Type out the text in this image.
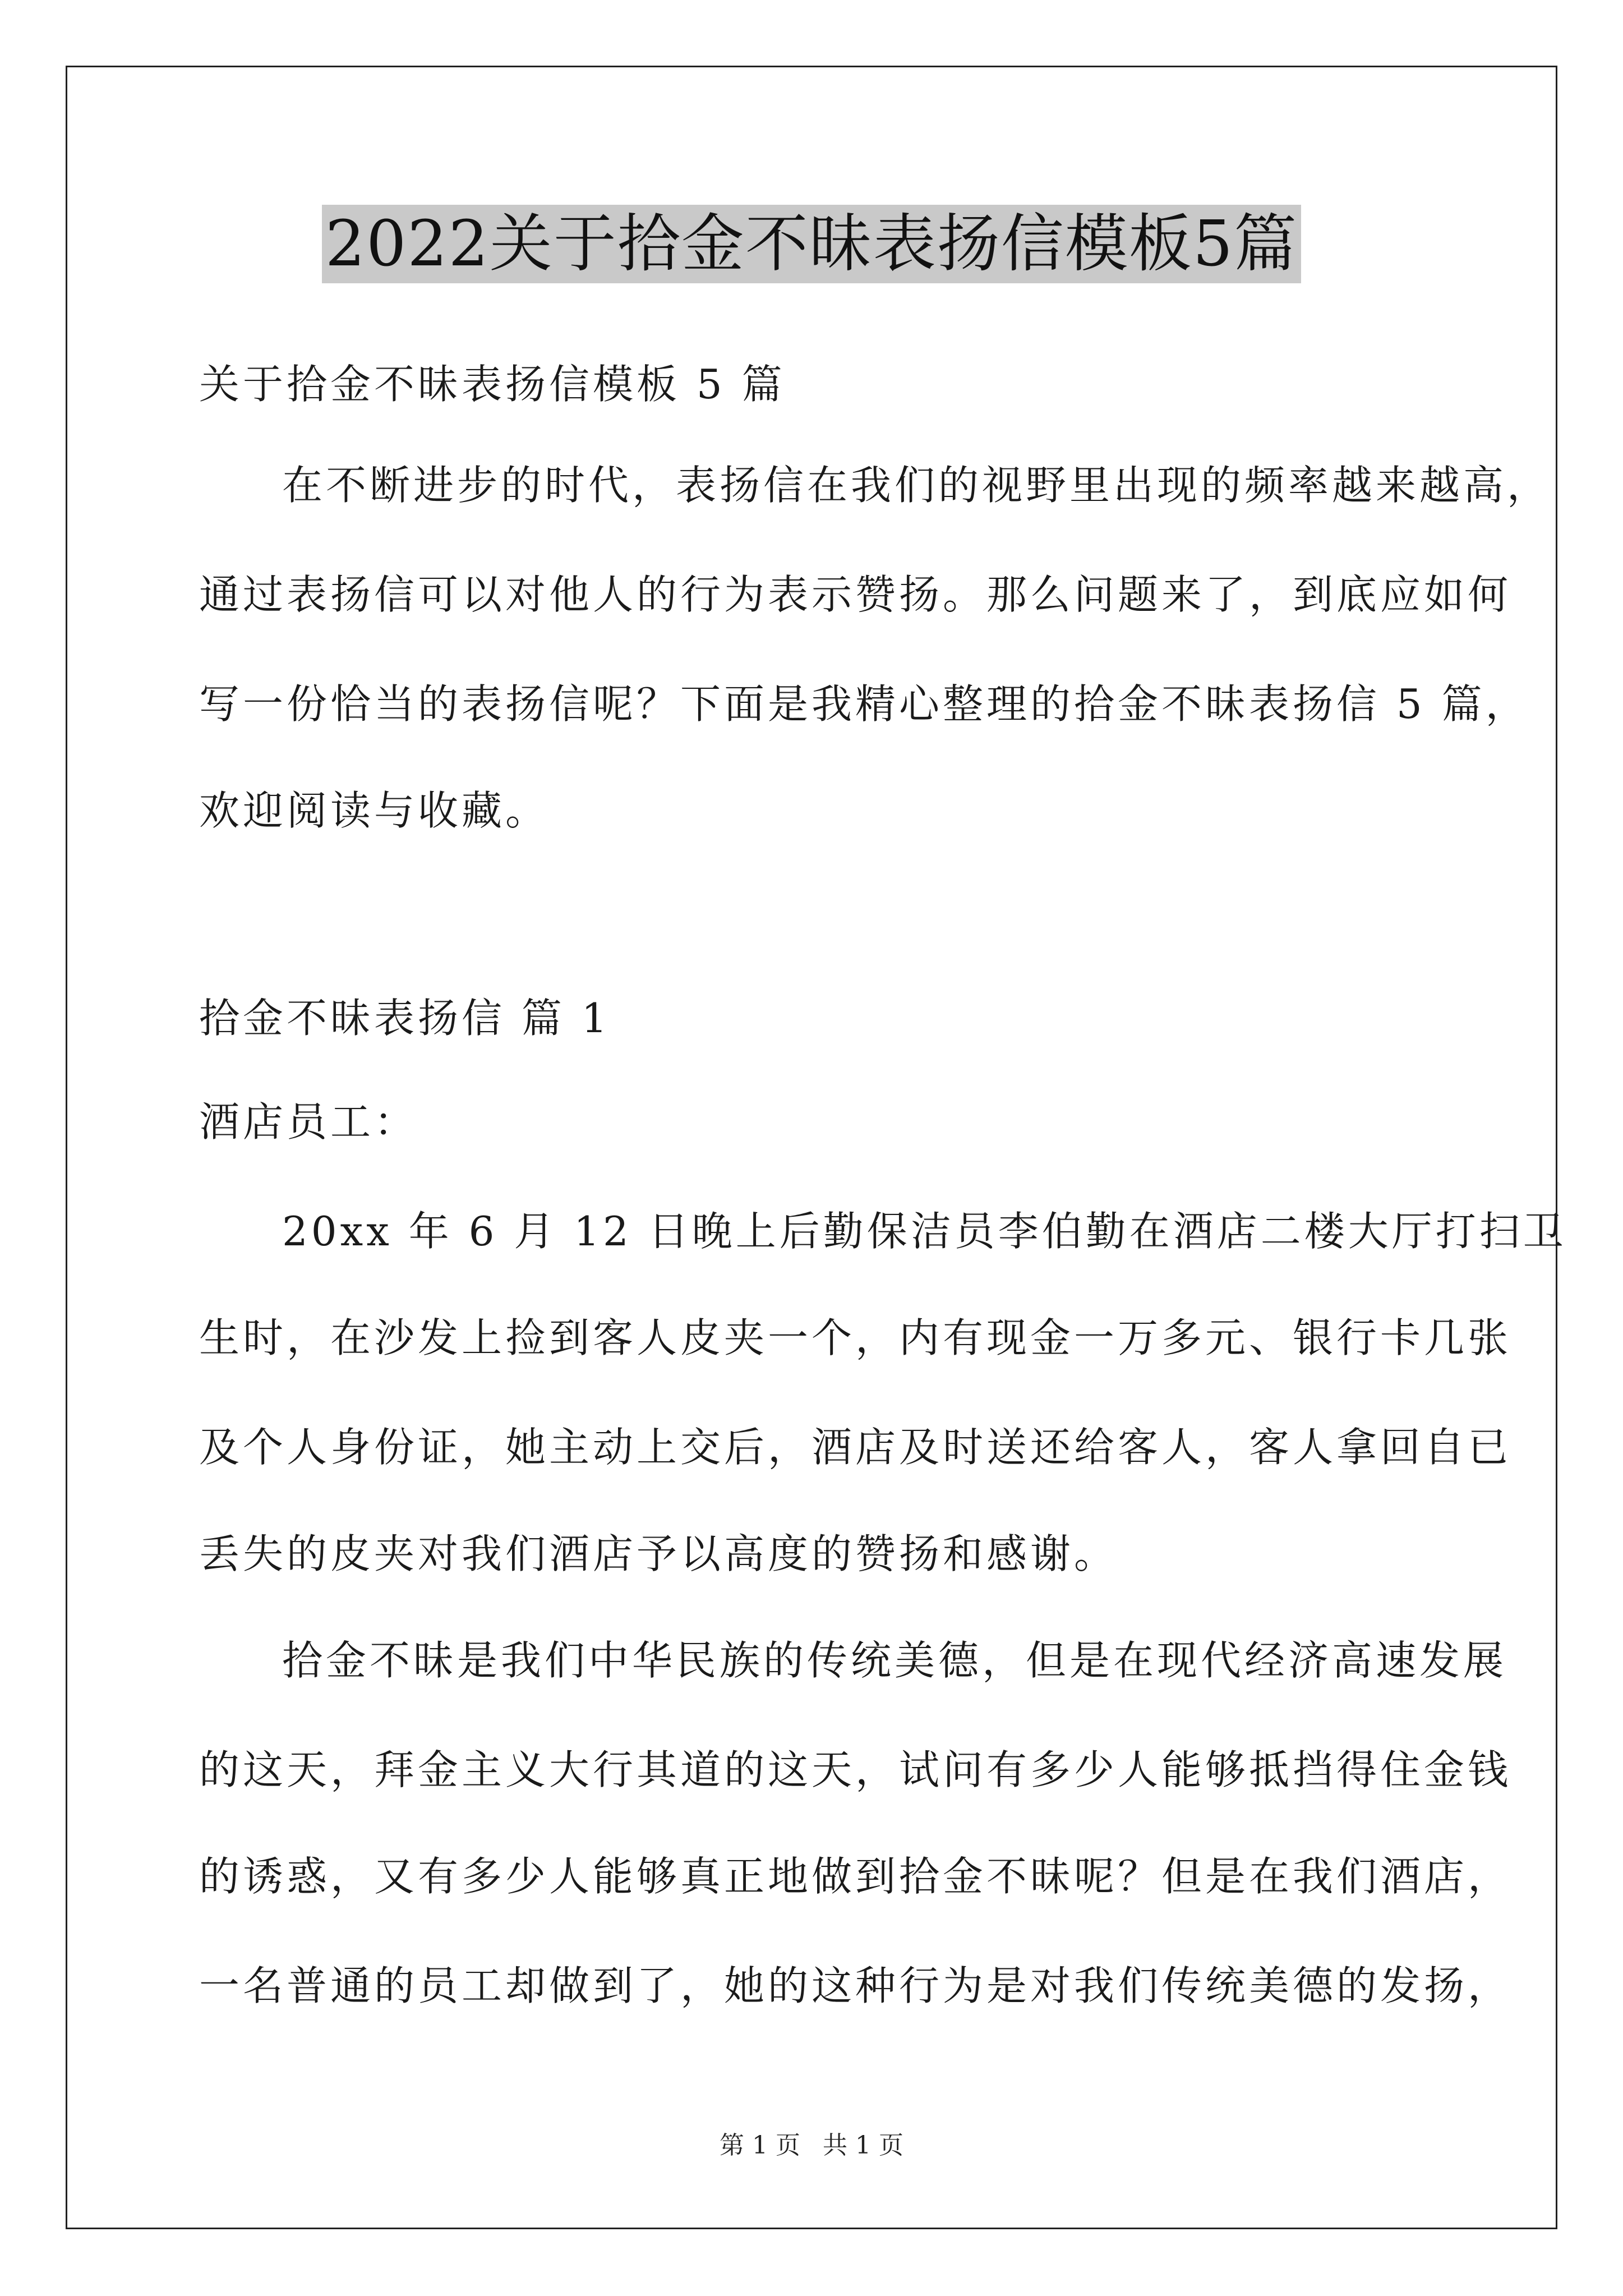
2022关于拾金不昧表扬信模板5篇
关于拾金不昧表扬信模板 5 篇
在不断进步的时代，表扬信在我们的视野里出现的频率越来越高，
通过表扬信可以对他人的行为表示赞扬。那么问题来了，到底应如何
写一份恰当的表扬信呢？下面是我精心整理的拾金不昧表扬信 5 篇，
欢迎阅读与收藏。
拾金不昧表扬信 篇 1
酒店员工：
20xx 年 6 月 12 日晚上后勤保洁员李伯勤在酒店二楼大厅打扫卫
生时，在沙发上捡到客人皮夹一个，内有现金一万多元、银行卡几张
及个人身份证，她主动上交后，酒店及时送还给客人，客人拿回自已
丢失的皮夹对我们酒店予以高度的赞扬和感谢。
拾金不昧是我们中华民族的传统美德，但是在现代经济高速发展
的这天，拜金主义大行其道的这天，试问有多少人能够抵挡得住金钱
的诱惑，又有多少人能够真正地做到拾金不昧呢？但是在我们酒店，
一名普通的员工却做到了，她的这种行为是对我们传统美德的发扬，
第 1 页 共 1 页
